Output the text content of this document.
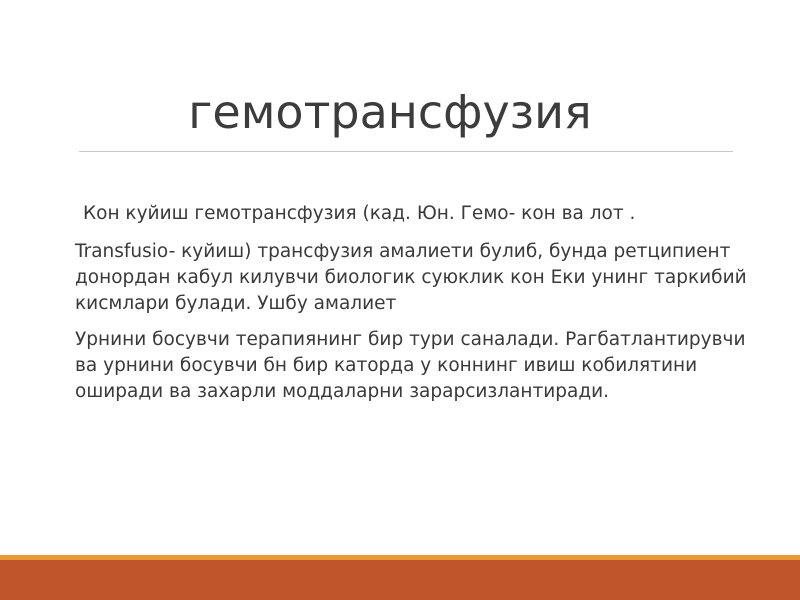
гемотрансфузия

Кон куйиш гемотрансфузия (кад. Юн. Гемо- кон ва лот .

Transfusio- куйиш) трансфузия амалиети булиб, бунда ретципиент донордан кабул килувчи биологик суюклик кон Еки унинг таркибий кисмлари булади. Ушбу амалиет

Урнини босувчи терапиянинг бир тури саналади. Рагбатлантирувчи ва урнини босувчи бн бир каторда у коннинг ивиш кобилятини оширади ва захарли моддаларни зарарсизлантиради.
